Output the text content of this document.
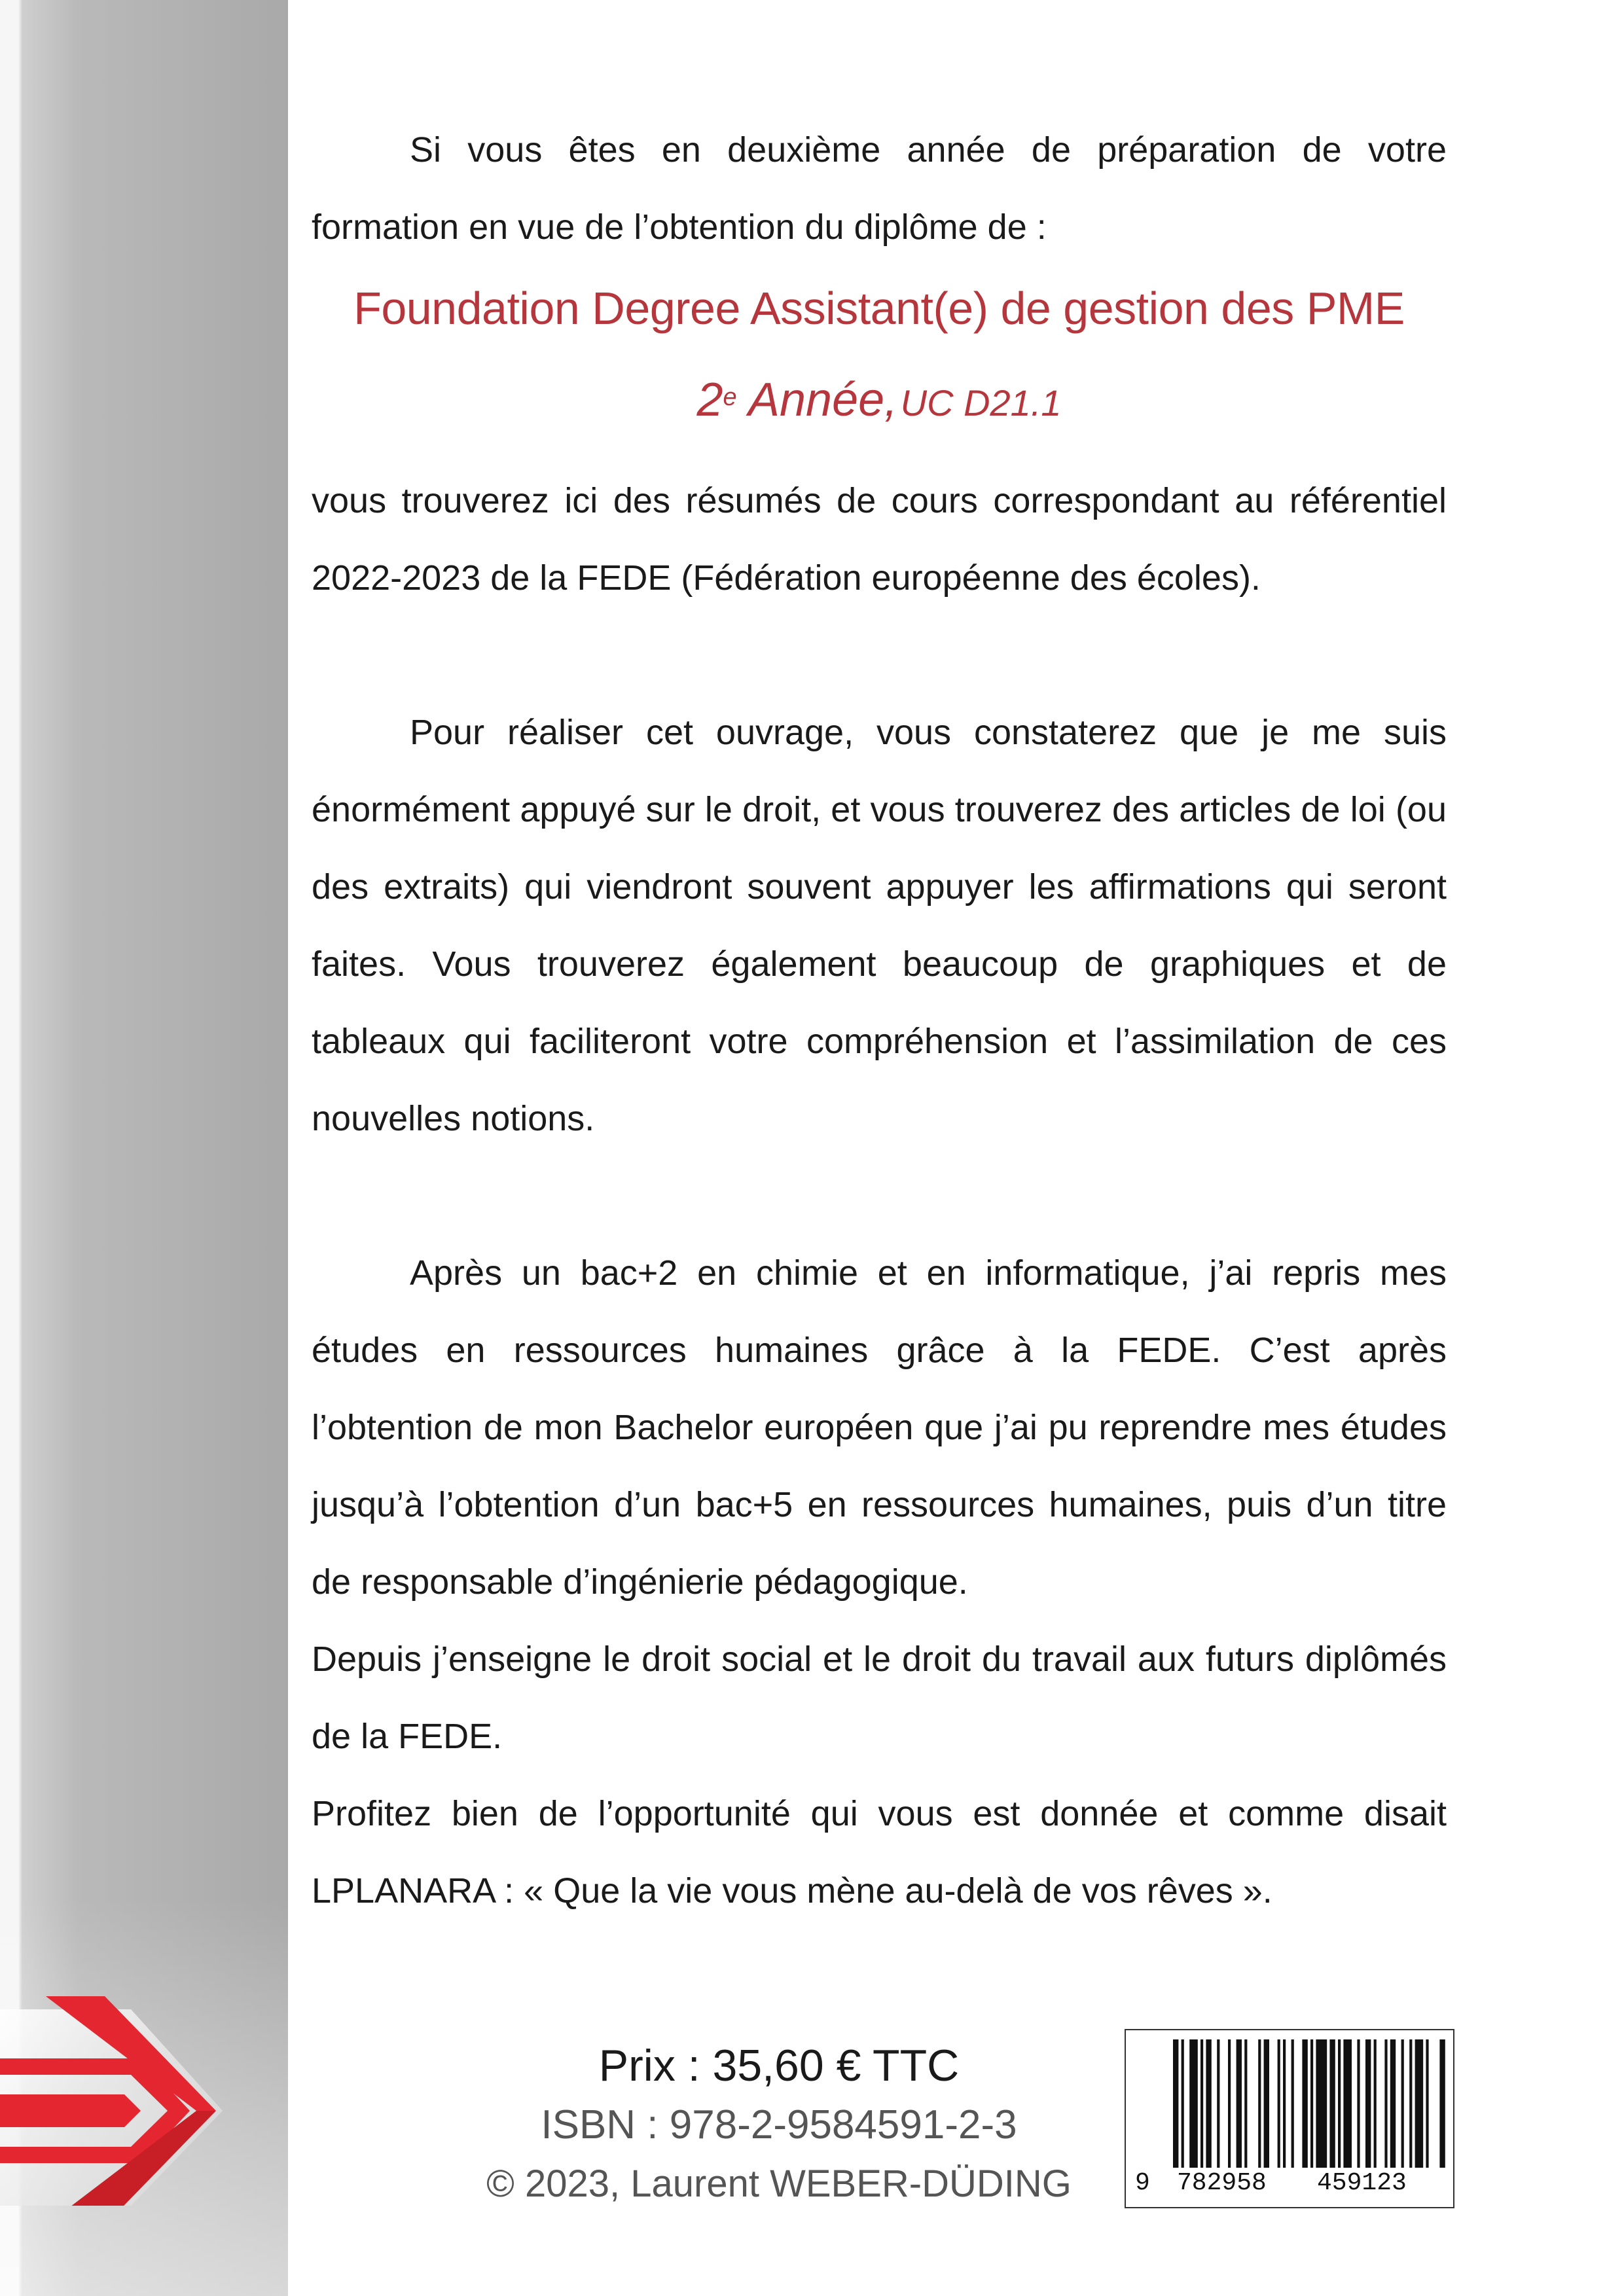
Si vous êtes en deuxième année de préparation de votre formation en vue de l’obtention du diplôme de :

Foundation Degree Assistant(e) de gestion des PME

2e Année, UC D21.1

vous trouverez ici des résumés de cours correspondant au référentiel 2022-2023 de la FEDE (Fédération européenne des écoles).

Pour réaliser cet ouvrage, vous constaterez que je me suis énormément appuyé sur le droit, et vous trouverez des articles de loi (ou des extraits) qui viendront souvent appuyer les affirmations qui seront faites. Vous trouverez également beaucoup de graphiques et de tableaux qui faciliteront votre compréhension et l’assimilation de ces nouvelles notions.

Après un bac+2 en chimie et en informatique, j’ai repris mes études en ressources humaines grâce à la FEDE. C’est après l’obtention de mon Bachelor européen que j’ai pu reprendre mes études jusqu’à l’obtention d’un bac+5 en ressources humaines, puis d’un titre de responsable d’ingénierie pédagogique.

Depuis j’enseigne le droit social et le droit du travail aux futurs diplômés de la FEDE.

Profitez bien de l’opportunité qui vous est donnée et comme disait LPLANARA : « Que la vie vous mène au-delà de vos rêves ».

Prix : 35,60 € TTC
ISBN : 978-2-9584591-2-3
© 2023, Laurent WEBER-DÜDING	9 782958 459123
